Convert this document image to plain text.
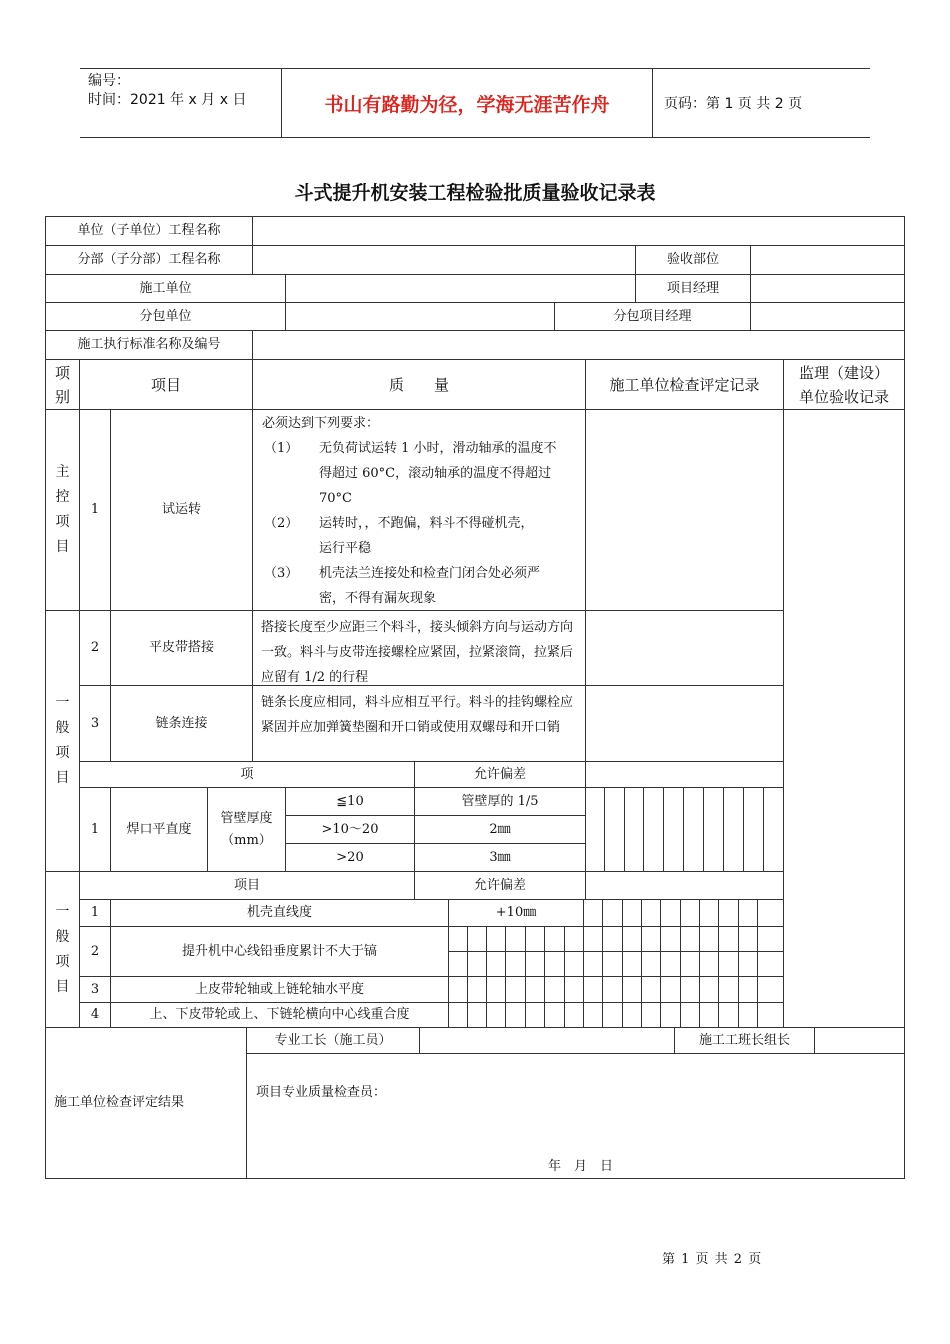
编号：
时间：2021 年 x 月 x 日	书山有路勤为径，学海无涯苦作舟	页码：第 1 页 共 2 页
斗式提升机安装工程检验批质量验收记录表
单位（子单位）工程名称
分部（子分部）工程名称	验收部位
施工单位	项目经理
分包单位	分包项目经理
施工执行标准名称及编号
项
别
项目	质　　量	施工单位检查评定记录
监理（建设）
单位验收记录
主
控
项
目
1	试运转
必须达到下列要求：
（1） 无负荷试运转 1 小时，滑动轴承的温度不
得超过 60°C，滚动轴承的温度不得超过
70°C
（2） 运转时，，不跑偏，料斗不得碰机壳，
运行平稳
（3） 机壳法兰连接处和检查门闭合处必须严
密，不得有漏灰现象
一
般
项
目
2	平皮带搭接
搭接长度至少应距三个料斗，接头倾斜方向与运动方向一致。料斗与皮带连接螺栓应紧固，拉紧滚筒，拉紧后应留有 1/2 的行程
3	链条连接
链条长度应相同，料斗应相互平行。料斗的挂钩螺栓应紧固并应加弹簧垫圈和开口销或使用双螺母和开口销
项	允许偏差
1	焊口平直度
管壁厚度
（mm）
≦10	管壁厚的 1/5
>10～20	2㎜
>20	3㎜
一
般
项
目
项目	允许偏差
1	机壳直线度	+10㎜
2	提升机中心线铅垂度累计不大于镐
3	上皮带轮轴或上链轮轴水平度
4	上、下皮带轮或上、下链轮横向中心线重合度
施工单位检查评定结果
专业工长（施工员）	施工工班长组长
项目专业质量检查员：
年　月　日
第 1 页 共 2 页
